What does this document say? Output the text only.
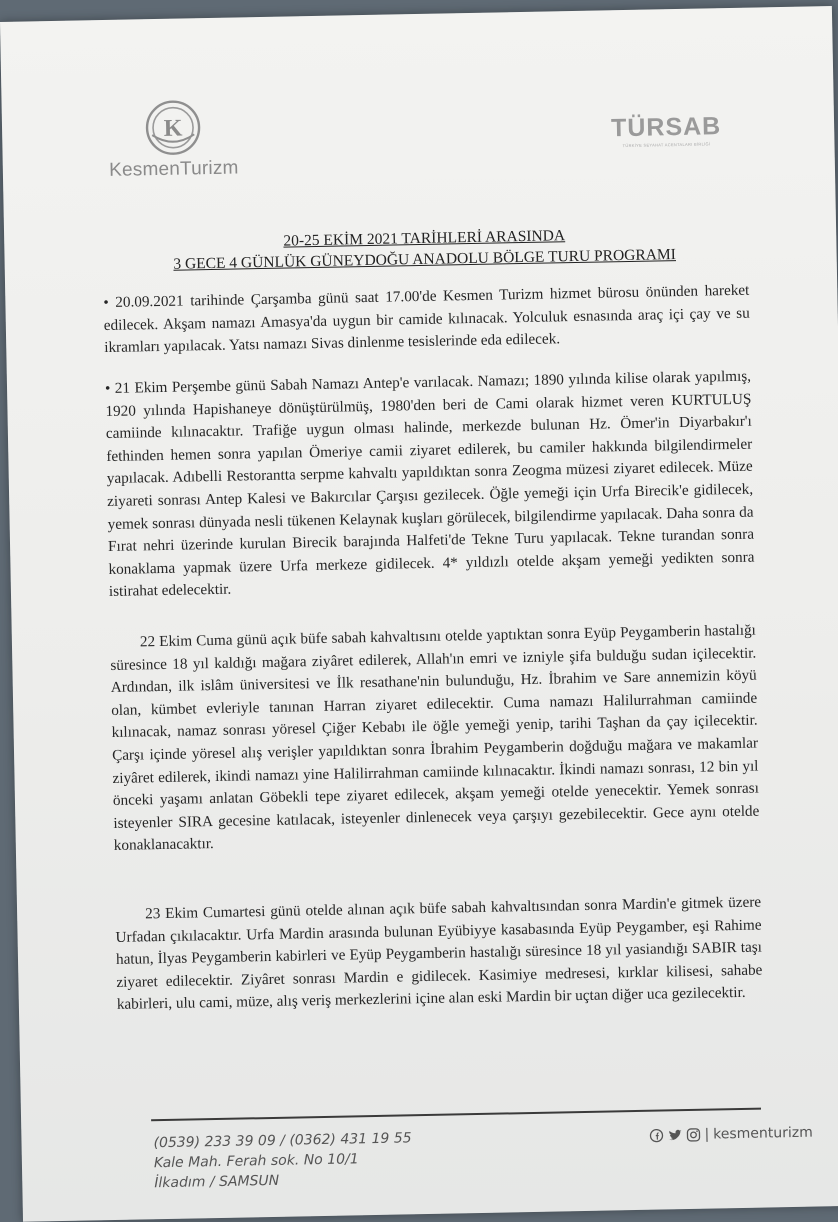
K
KesmenTurizm
TÜRSAB
TÜRKİYE SEYAHAT ACENTALARI BİRLİĞİ
20-25 EKİM 2021 TARİHLERİ ARASINDA
3 GECE 4 GÜNLÜK GÜNEYDOĞU ANADOLU BÖLGE TURU PROGRAMI

• 20.09.2021 tarihinde Çarşamba günü saat 17.00'de Kesmen Turizm hizmet bürosu önünden hareket edilecek. Akşam namazı Amasya'da uygun bir camide kılınacak. Yolculuk esnasında araç içi çay ve su ikramları yapılacak. Yatsı namazı Sivas dinlenme tesislerinde eda edilecek.

• 21 Ekim Perşembe günü Sabah Namazı Antep'e varılacak. Namazı; 1890 yılında kilise olarak yapılmış, 1920 yılında Hapishaneye dönüştürülmüş, 1980'den beri de Cami olarak hizmet veren KURTULUŞ camiinde kılınacaktır. Trafiğe uygun olması halinde, merkezde bulunan Hz. Ömer'in Diyarbakır'ı fethinden hemen sonra yapılan Ömeriye camii ziyaret edilerek, bu camiler hakkında bilgilendirmeler yapılacak. Adıbelli Restorantta serpme kahvaltı yapıldıktan sonra Zeogma müzesi ziyaret edilecek. Müze ziyareti sonrası Antep Kalesi ve Bakırcılar Çarşısı gezilecek. Öğle yemeği için Urfa Birecik'e gidilecek, yemek sonrası dünyada nesli tükenen Kelaynak kuşları görülecek, bilgilendirme yapılacak. Daha sonra da Fırat nehri üzerinde kurulan Birecik barajında Halfeti'de Tekne Turu yapılacak. Tekne turandan sonra konaklama yapmak üzere Urfa merkeze gidilecek. 4* yıldızlı otelde akşam yemeği yedikten sonra istirahat edelecektir.

22 Ekim Cuma günü açık büfe sabah kahvaltısını otelde yaptıktan sonra Eyüp Peygamberin hastalığı süresince 18 yıl kaldığı mağara ziyâret edilerek, Allah'ın emri ve izniyle şifa bulduğu sudan içilecektir. Ardından, ilk islâm üniversitesi ve İlk resathane'nin bulunduğu, Hz. İbrahim ve Sare annemizin köyü olan, kümbet evleriyle tanınan Harran ziyaret edilecektir. Cuma namazı Halilurrahman camiinde kılınacak, namaz sonrası yöresel Çiğer Kebabı ile öğle yemeği yenip, tarihi Taşhan da çay içilecektir. Çarşı içinde yöresel alış verişler yapıldıktan sonra İbrahim Peygamberin doğduğu mağara ve makamlar ziyâret edilerek, ikindi namazı yine Halilirrahman camiinde kılınacaktır. İkindi namazı sonrası, 12 bin yıl önceki yaşamı anlatan Göbekli tepe ziyaret edilecek, akşam yemeği otelde yenecektir. Yemek sonrası isteyenler SIRA gecesine katılacak, isteyenler dinlenecek veya çarşıyı gezebilecektir. Gece aynı otelde konaklanacaktır.

23 Ekim Cumartesi günü otelde alınan açık büfe sabah kahvaltısından sonra Mardin'e gitmek üzere Urfadan çıkılacaktır. Urfa Mardin arasında bulunan Eyübiyye kasabasında Eyüp Peygamber, eşi Rahime hatun, İlyas Peygamberin kabirleri ve Eyüp Peygamberin hastalığı süresince 18 yıl yasiandığı SABIR taşı ziyaret edilecektir. Ziyâret sonrası Mardin e gidilecek. Kasimiye medresesi, kırklar kilisesi, sahabe kabirleri, ulu cami, müze, alış veriş merkezlerini içine alan eski Mardin bir uçtan diğer uca gezilecektir.

(0539) 233 39 09 / (0362) 431 19 55
Kale Mah. Ferah sok. No 10/1
İlkadım / SAMSUN
| kesmenturizm
